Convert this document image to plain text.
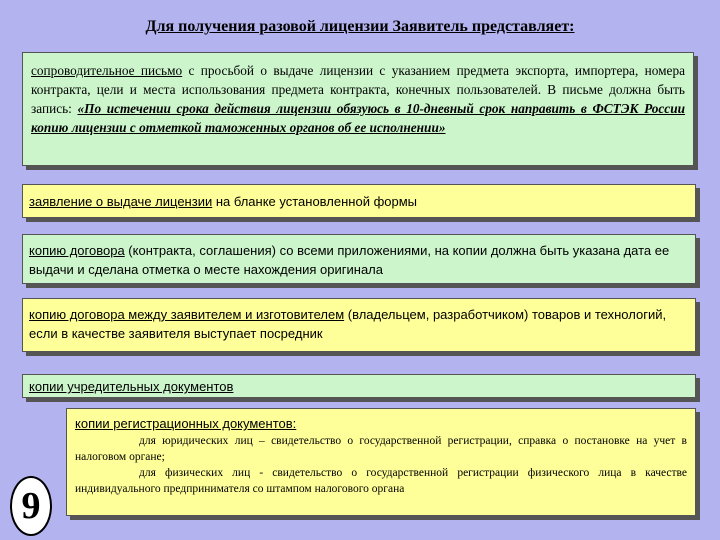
Для получения разовой лицензии Заявитель представляет:
сопроводительное письмо с просьбой о выдаче лицензии с указанием предмета экспорта, импортера, номера контракта, цели и места использования предмета контракта, конечных пользователей. В письме должна быть запись: «По истечении срока действия лицензии обязуюсь в 10-дневный срок направить в ФСТЭК России копию лицензии с отметкой таможенных органов об ее исполнении»
заявление о выдаче лицензии на бланке установленной формы
копию договора (контракта, соглашения) со всеми приложениями, на копии должна быть указана дата ее выдачи и сделана отметка о месте нахождения оригинала
копию договора между заявителем и изготовителем (владельцем, разработчиком) товаров и технологий, если в качестве заявителя выступает посредник
копии учредительных документов
копии регистрационных документов:
для юридических лиц – свидетельство о государственной регистрации, справка о постановке на учет в налоговом органе;
для физических лиц - свидетельство о государственной регистрации физического лица в качестве индивидуального предпринимателя со штампом налогового органа
9
